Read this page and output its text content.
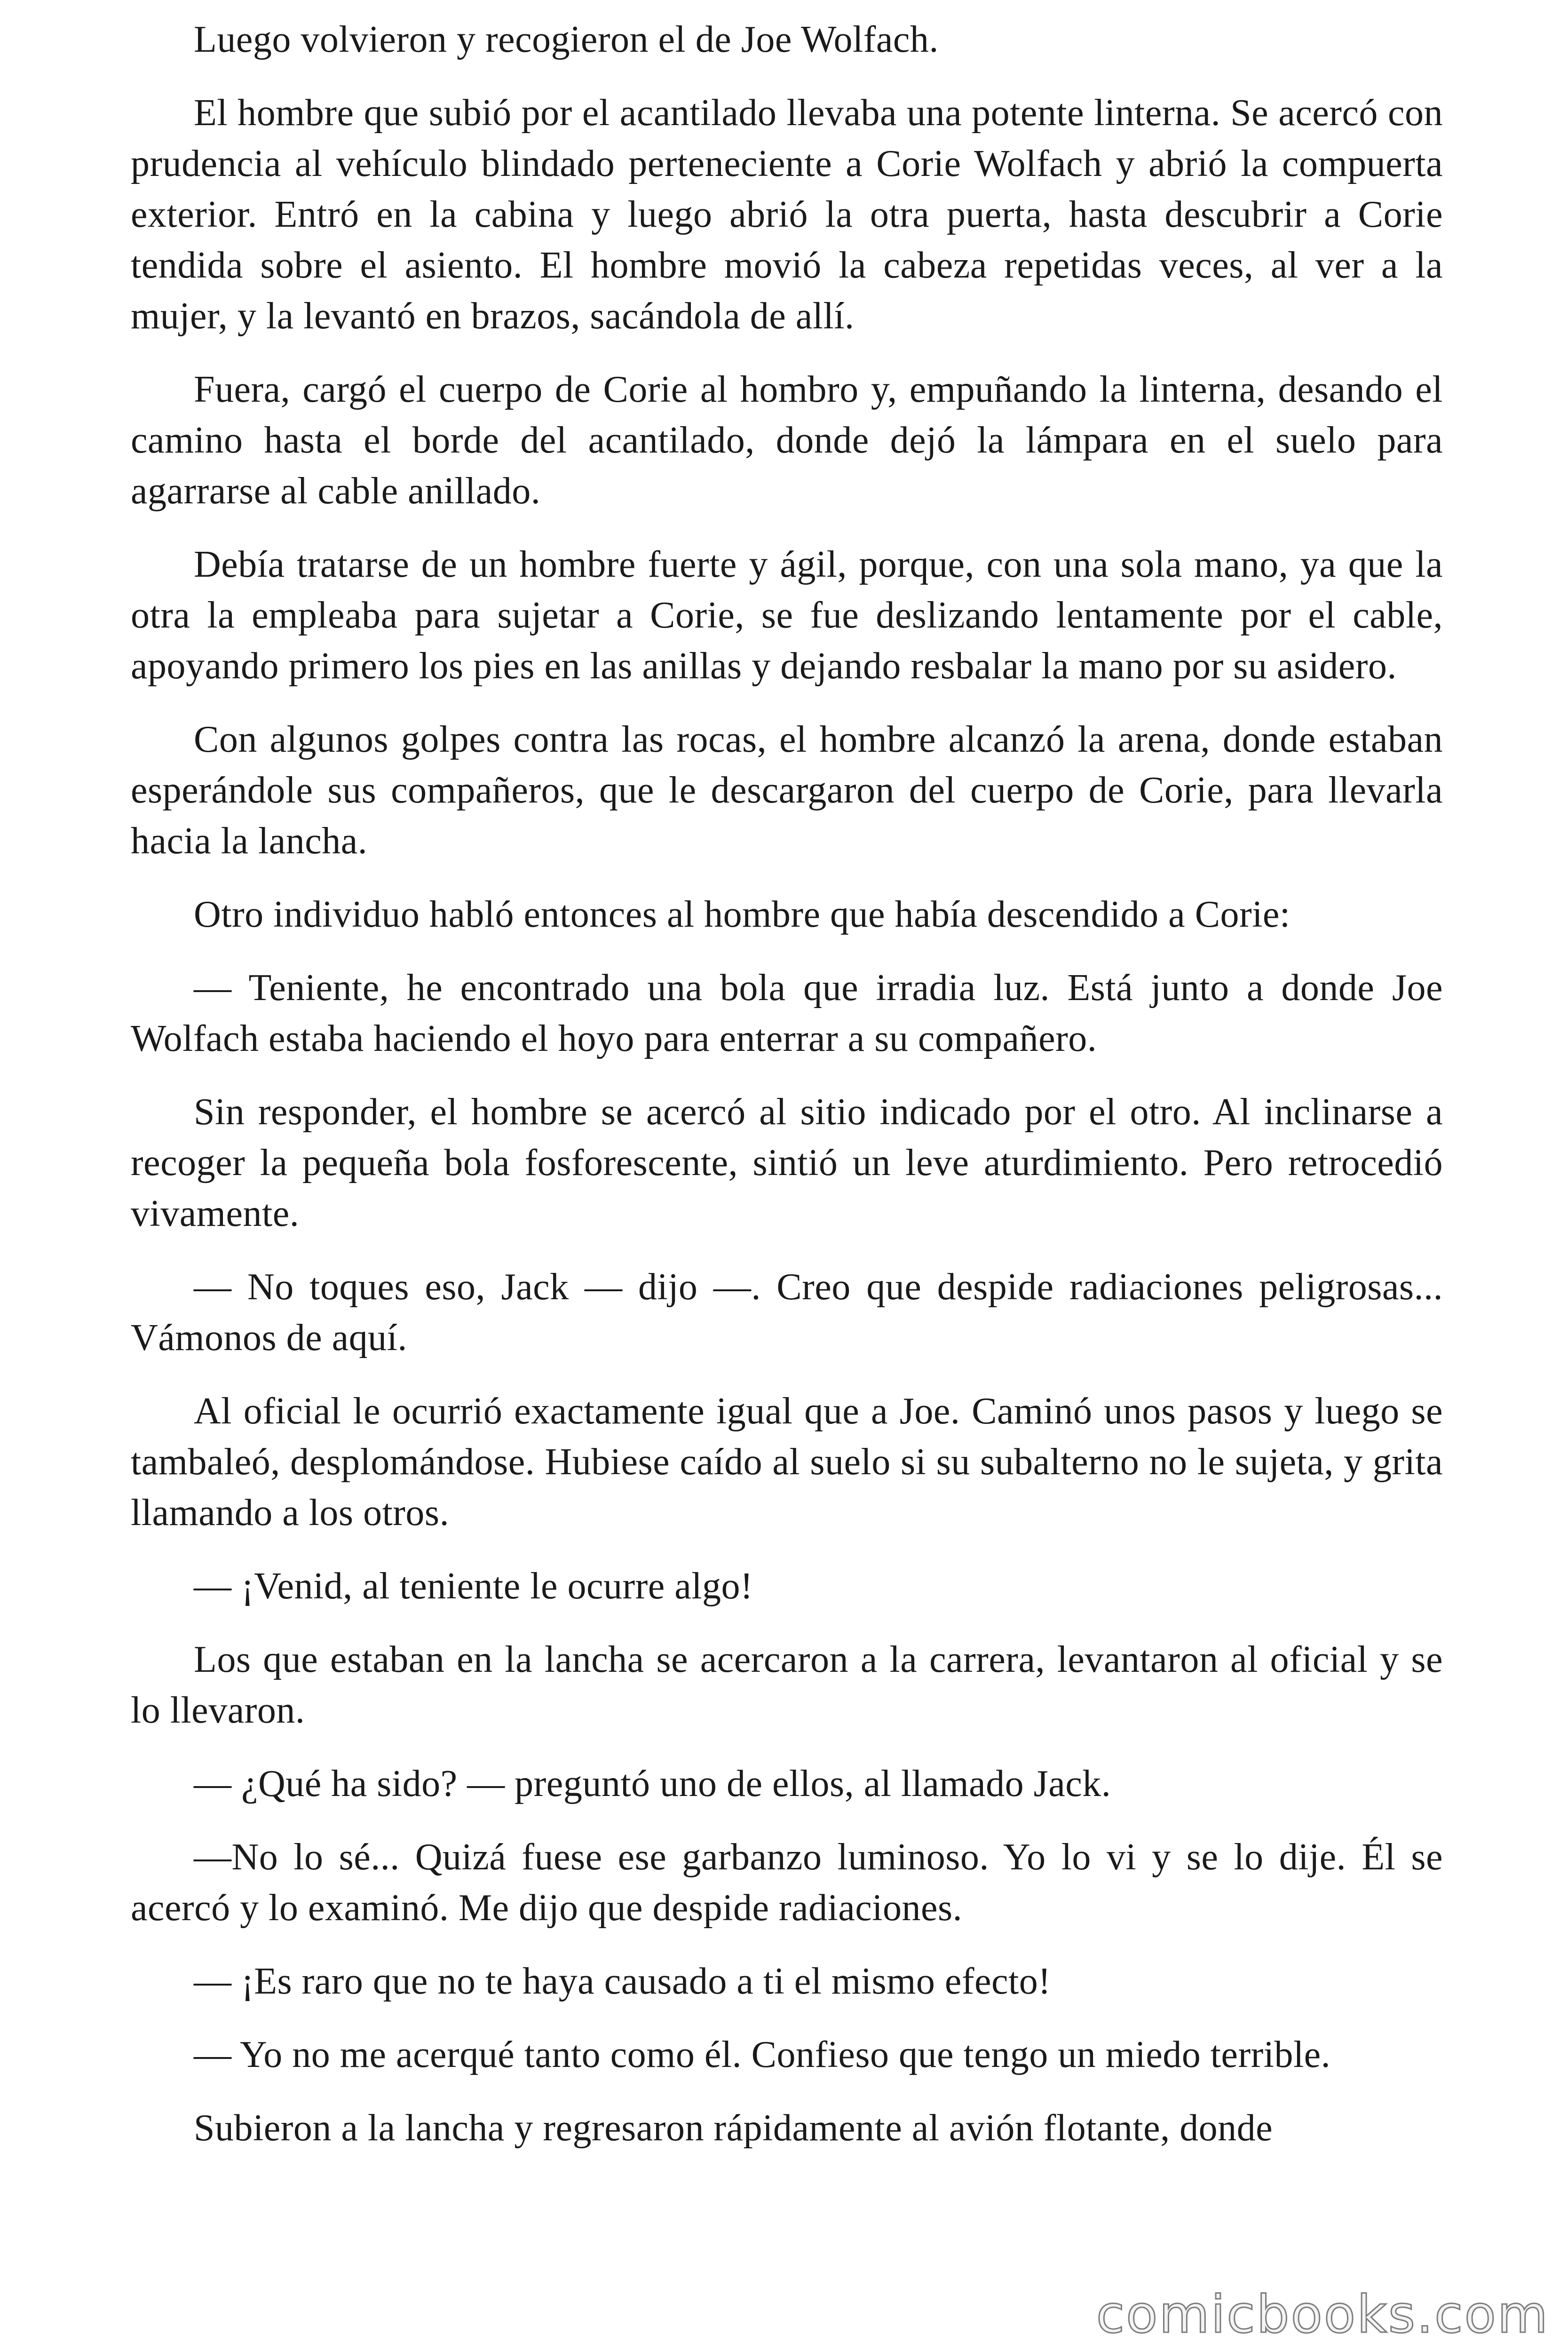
Luego volvieron y recogieron el de Joe Wolfach.

El hombre que subió por el acantilado llevaba una potente linterna. Se acercó con prudencia al vehículo blindado perteneciente a Corie Wolfach y abrió la compuerta exterior. Entró en la cabina y luego abrió la otra puerta, hasta descubrir a Corie tendida sobre el asiento. El hombre movió la cabeza repetidas veces, al ver a la mujer, y la levantó en brazos, sacándola de allí.

Fuera, cargó el cuerpo de Corie al hombro y, empuñando la linterna, desando el camino hasta el borde del acantilado, donde dejó la lámpara en el suelo para agarrarse al cable anillado.

Debía tratarse de un hombre fuerte y ágil, porque, con una sola mano, ya que la otra la empleaba para sujetar a Corie, se fue deslizando lentamente por el cable, apoyando primero los pies en las anillas y dejando resbalar la mano por su asidero.

Con algunos golpes contra las rocas, el hombre alcanzó la arena, donde estaban esperándole sus compañeros, que le descargaron del cuerpo de Corie, para llevarla hacia la lancha.

Otro individuo habló entonces al hombre que había descendido a Corie:

— Teniente, he encontrado una bola que irradia luz. Está junto a donde Joe Wolfach estaba haciendo el hoyo para enterrar a su compañero.

Sin responder, el hombre se acercó al sitio indicado por el otro. Al inclinarse a recoger la pequeña bola fosforescente, sintió un leve aturdimiento. Pero retrocedió vivamente.

— No toques eso, Jack — dijo —. Creo que despide radiaciones peligrosas... Vámonos de aquí.

Al oficial le ocurrió exactamente igual que a Joe. Caminó unos pasos y luego se tambaleó, desplomándose. Hubiese caído al suelo si su subalterno no le sujeta, y grita llamando a los otros.

— ¡Venid, al teniente le ocurre algo!

Los que estaban en la lancha se acercaron a la carrera, levantaron al oficial y se lo llevaron.

— ¿Qué ha sido? — preguntó uno de ellos, al llamado Jack.

—No lo sé... Quizá fuese ese garbanzo luminoso. Yo lo vi y se lo dije. Él se acercó y lo examinó. Me dijo que despide radiaciones.

— ¡Es raro que no te haya causado a ti el mismo efecto!

— Yo no me acerqué tanto como él. Confieso que tengo un miedo terrible.

Subieron a la lancha y regresaron rápidamente al avión flotante, donde

comicbooks.com
